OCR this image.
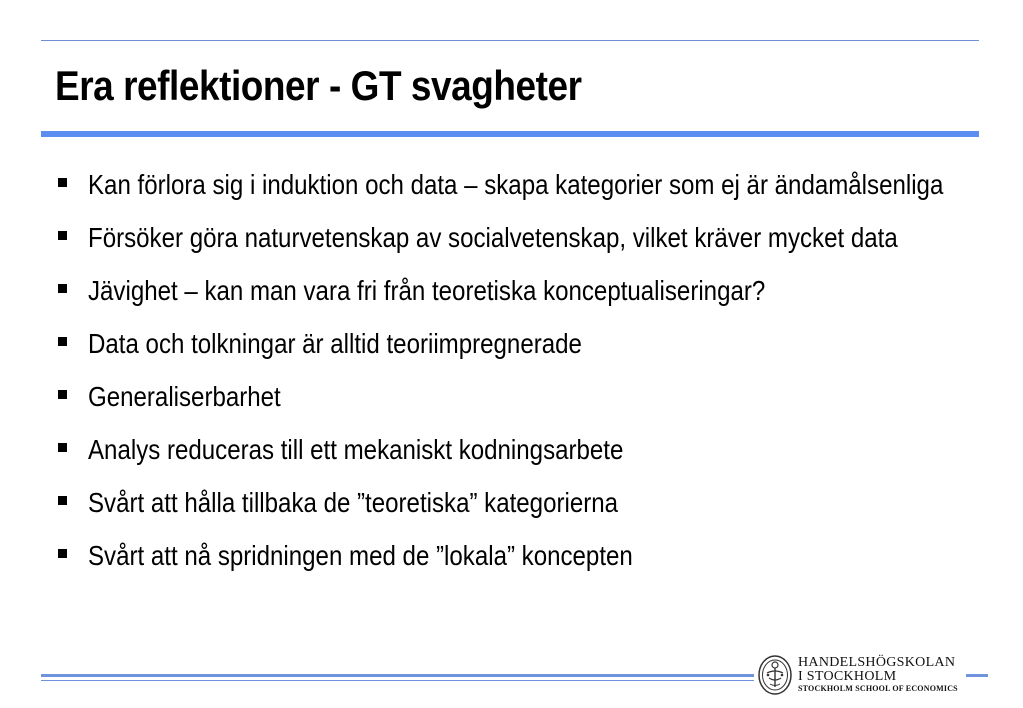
Era reflektioner - GT svagheter
Kan förlora sig i induktion och data – skapa kategorier som ej är ändamålsenliga
Försöker göra naturvetenskap av socialvetenskap, vilket kräver mycket data
Jävighet – kan man vara fri från teoretiska konceptualiseringar?
Data och tolkningar är alltid teoriimpregnerade
Generaliserbarhet
Analys reduceras till ett mekaniskt kodningsarbete
Svårt att hålla tillbaka de ”teoretiska” kategorierna
Svårt att nå spridningen med de ”lokala” koncepten
HANDELSHÖGSKOLAN
I STOCKHOLM
STOCKHOLM SCHOOL OF ECONOMICS
